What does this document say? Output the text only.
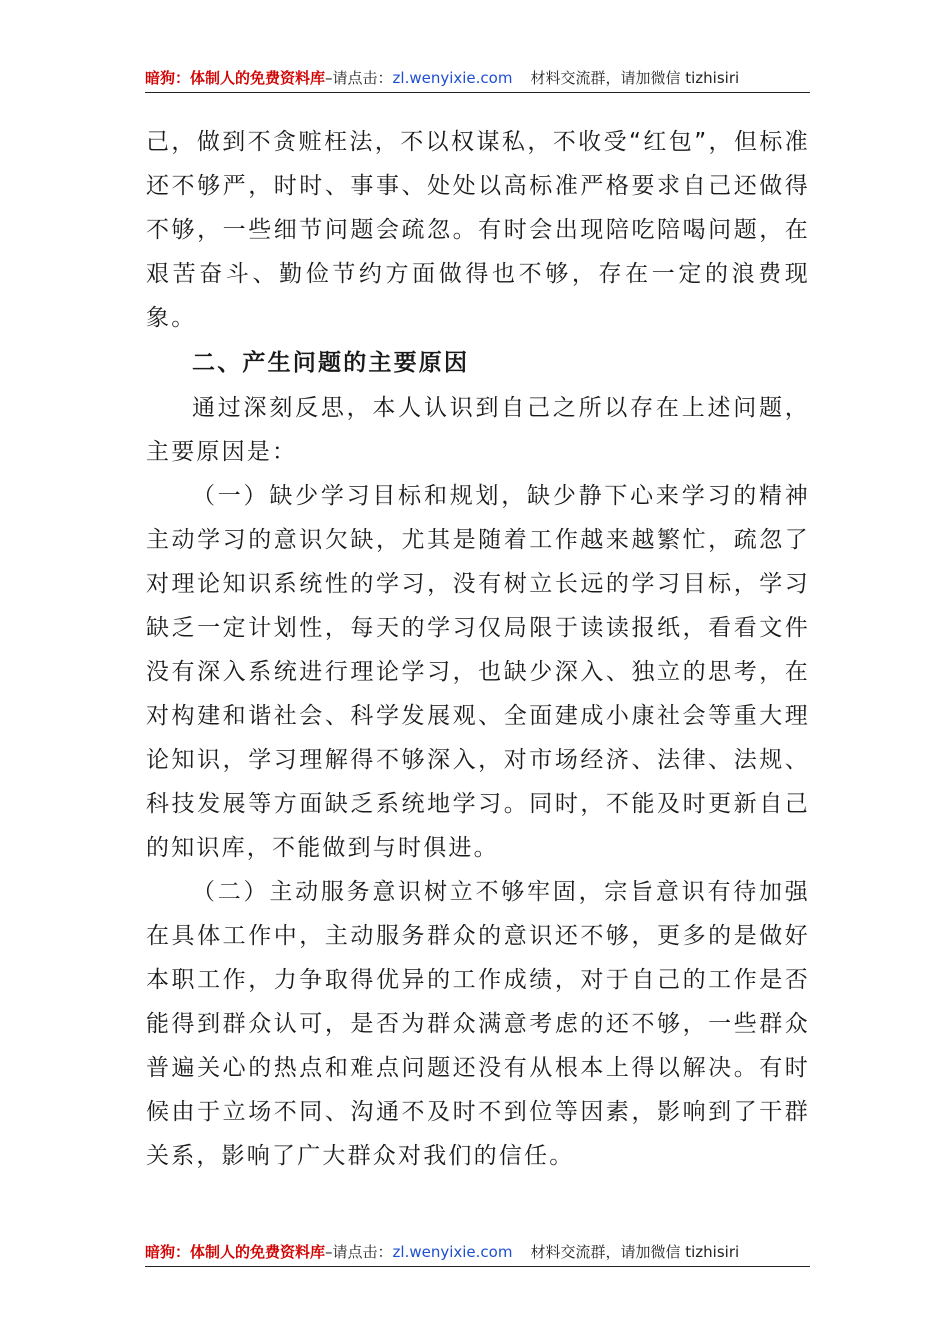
暗狗：体制人的免费资料库–请点击：zl.wenyixie.com 材料交流群，请加微信 tizhisiri

己，做到不贪赃枉法，不以权谋私，不收受“红包”，但标准还不够严，时时、事事、处处以高标准严格要求自己还做得不够，一些细节问题会疏忽。有时会出现陪吃陪喝问题，在艰苦奋斗、勤俭节约方面做得也不够，存在一定的浪费现象。

二、产生问题的主要原因

通过深刻反思，本人认识到自己之所以存在上述问题，主要原因是：

（一）缺少学习目标和规划，缺少静下心来学习的精神主动学习的意识欠缺，尤其是随着工作越来越繁忙，疏忽了对理论知识系统性的学习，没有树立长远的学习目标，学习缺乏一定计划性，每天的学习仅局限于读读报纸，看看文件没有深入系统进行理论学习，也缺少深入、独立的思考，在对构建和谐社会、科学发展观、全面建成小康社会等重大理论知识，学习理解得不够深入，对市场经济、法律、法规、科技发展等方面缺乏系统地学习。同时，不能及时更新自己的知识库，不能做到与时俱进。

（二）主动服务意识树立不够牢固，宗旨意识有待加强在具体工作中，主动服务群众的意识还不够，更多的是做好本职工作，力争取得优异的工作成绩，对于自己的工作是否能得到群众认可，是否为群众满意考虑的还不够，一些群众普遍关心的热点和难点问题还没有从根本上得以解决。有时候由于立场不同、沟通不及时不到位等因素，影响到了干群关系，影响了广大群众对我们的信任。

暗狗：体制人的免费资料库–请点击：zl.wenyixie.com 材料交流群，请加微信 tizhisiri
